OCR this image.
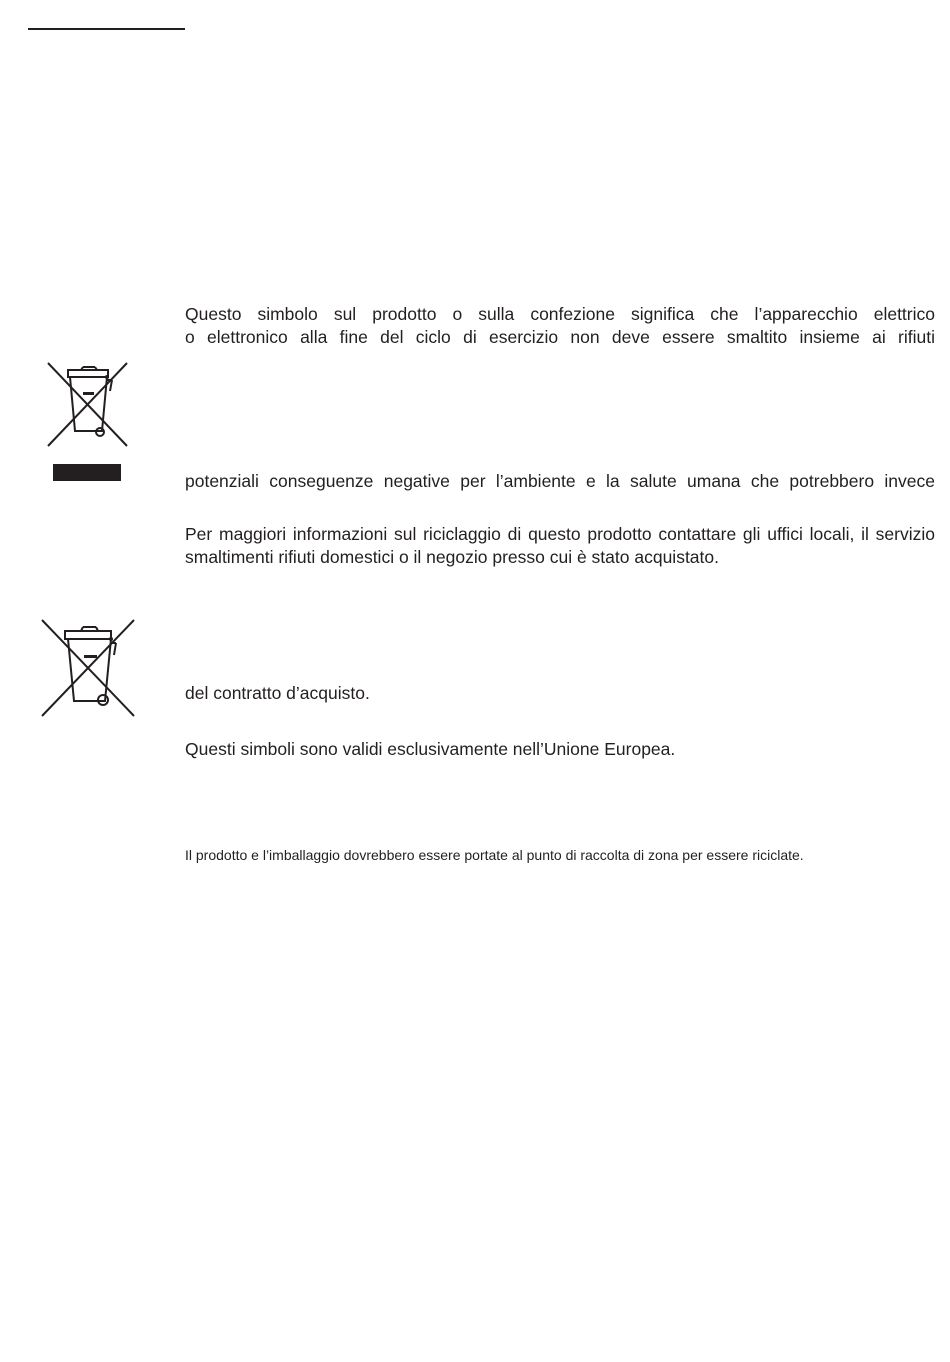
Questo simbolo sul prodotto o sulla confezione significa che l’apparecchio elettrico

o elettronico alla fine del ciclo di esercizio non deve essere smaltito insieme ai rifiuti

potenziali conseguenze negative per l’ambiente e la salute umana che potrebbero invece

Per maggiori informazioni sul riciclaggio di questo prodotto contattare gli uffici locali, il servizio smaltimenti rifiuti domestici o il negozio presso cui è stato acquistato.

del contratto d’acquisto.

Questi simboli sono validi esclusivamente nell’Unione Europea.

Il prodotto e l’imballaggio dovrebbero essere portate al punto di raccolta di zona per essere riciclate.
